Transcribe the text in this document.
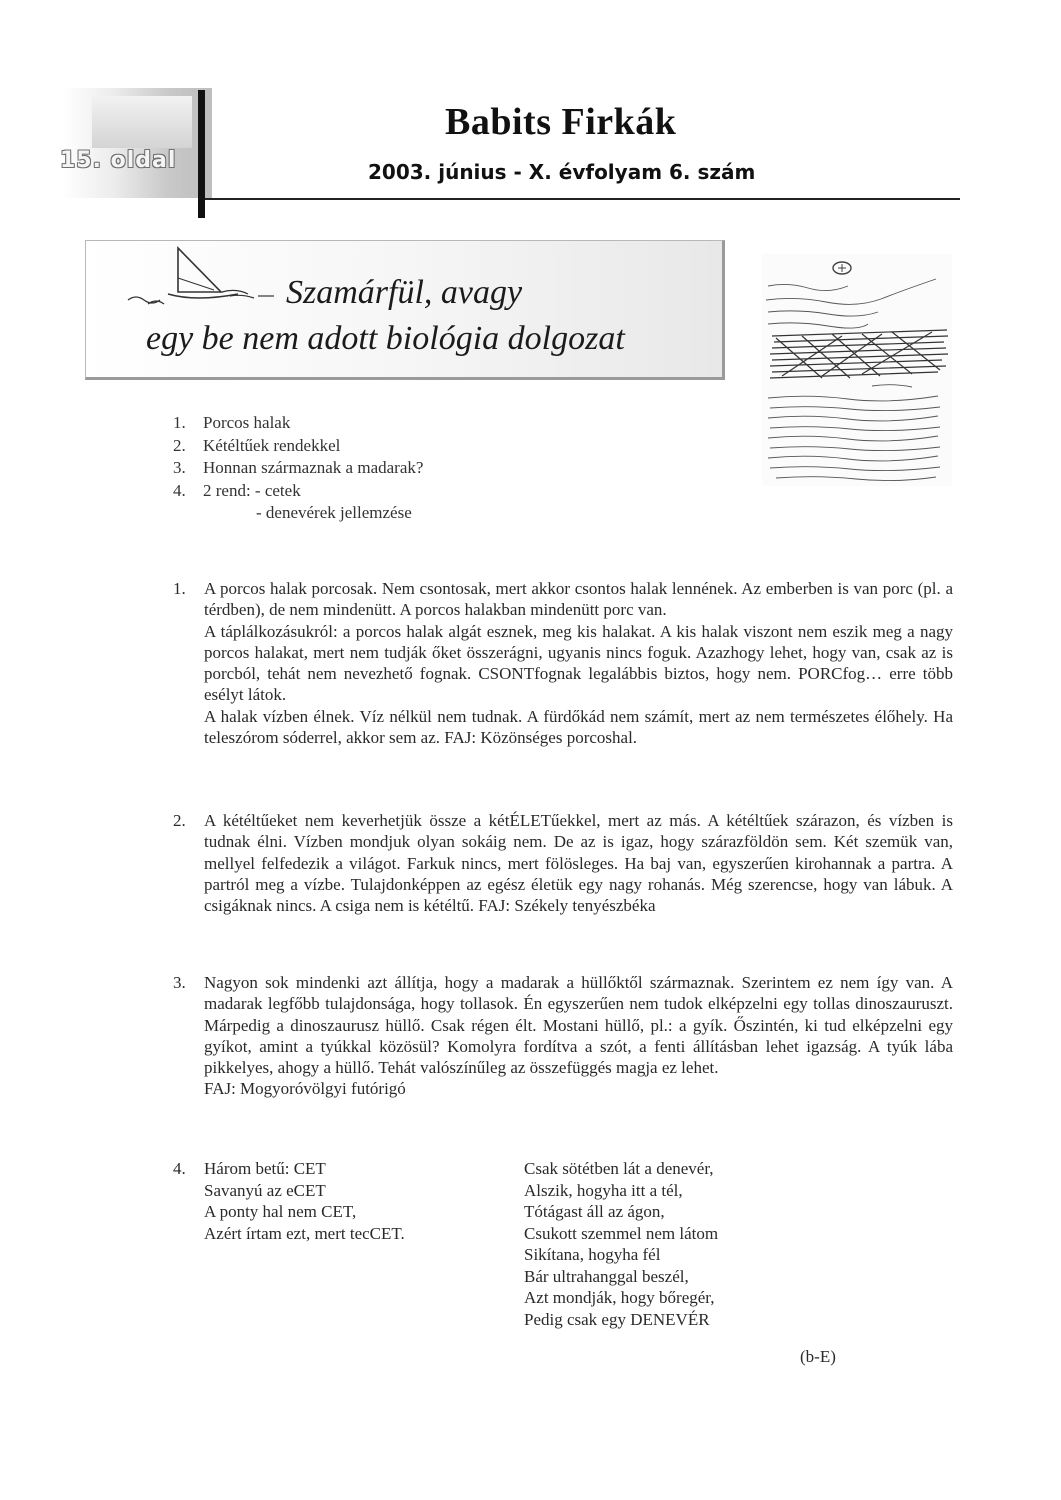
15. oldal
Babits Firkák
2003. június - X. évfolyam 6. szám
Szamárfül, avagy
egy be nem adott biológia dolgozat
1. Porcos halak
2. Kétéltűek rendekkel
3. Honnan származnak a madarak?
4. 2 rend: - cetek
- denevérek jellemzése
1. A porcos halak porcosak. Nem csontosak, mert akkor csontos halak lennének. Az emberben is van porc (pl. a térdben), de nem mindenütt. A porcos halakban mindenütt porc van.

A táplálkozásukról: a porcos halak algát esznek, meg kis halakat. A kis halak viszont nem eszik meg a nagy porcos halakat, mert nem tudják őket összerágni, ugyanis nincs foguk. Azazhogy lehet, hogy van, csak az is porcból, tehát nem nevezhető fognak. CSONTfognak legalábbis biztos, hogy nem. PORCfog… erre több esélyt látok.

A halak vízben élnek. Víz nélkül nem tudnak. A fürdőkád nem számít, mert az nem természetes élőhely. Ha teleszórom sóderrel, akkor sem az. FAJ: Közönséges porcoshal.

2. A kétéltűeket nem keverhetjük össze a kétÉLETűekkel, mert az más. A kétéltűek szárazon, és vízben is tudnak élni. Vízben mondjuk olyan sokáig nem. De az is igaz, hogy szárazföldön sem. Két szemük van, mellyel felfedezik a világot. Farkuk nincs, mert fölösleges. Ha baj van, egyszerűen kirohannak a partra. A partról meg a vízbe. Tulajdonképpen az egész életük egy nagy rohanás. Még szerencse, hogy van lábuk. A csigáknak nincs. A csiga nem is kétéltű. FAJ: Székely tenyészbéka

3. Nagyon sok mindenki azt állítja, hogy a madarak a hüllőktől származnak. Szerintem ez nem így van. A madarak legfőbb tulajdonsága, hogy tollasok. Én egyszerűen nem tudok elképzelni egy tollas dinoszauruszt. Márpedig a dinoszaurusz hüllő. Csak régen élt. Mostani hüllő, pl.: a gyík. Őszintén, ki tud elképzelni egy gyíkot, amint a tyúkkal közösül? Komolyra fordítva a szót, a fenti állításban lehet igazság. A tyúk lába pikkelyes, ahogy a hüllő. Tehát valószínűleg az összefüggés magja ez lehet.

FAJ: Mogyoróvölgyi futórigó

4. Három betű: CET
Savanyú az eCET
A ponty hal nem CET,
Azért írtam ezt, mert tecCET.
Csak sötétben lát a denevér,
Alszik, hogyha itt a tél,
Tótágast áll az ágon,
Csukott szemmel nem látom
Sikítana, hogyha fél
Bár ultrahanggal beszél,
Azt mondják, hogy bőregér,
Pedig csak egy DENEVÉR
(b-E)
